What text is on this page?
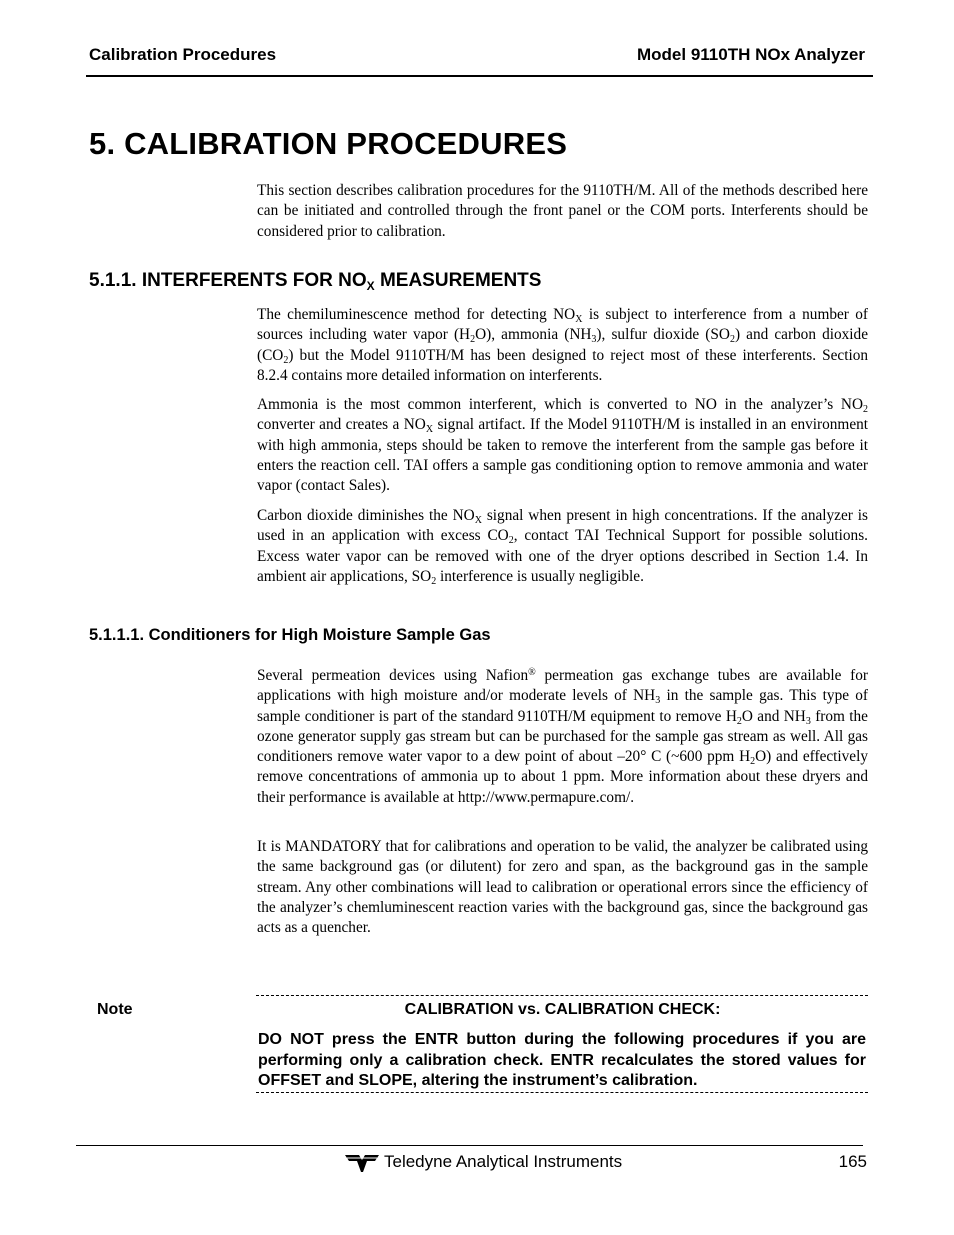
Calibration Procedures	Model 9110TH NOx Analyzer
5. CALIBRATION PROCEDURES

This section describes calibration procedures for the 9110TH/M. All of the methods described here can be initiated and controlled through the front panel or the COM ports. Interferents should be considered prior to calibration.

5.1.1. INTERFERENTS FOR $NO_X$ MEASUREMENTS

The chemiluminescence method for detecting $NO_X$ is subject to interference from a number of sources including water vapor $(H_2O)$, ammonia $(NH_3)$, sulfur dioxide $(SO_2)$ and carbon dioxide $(CO_2)$ but the Model 9110TH/M has been designed to reject most of these interferents. Section 8.2.4 contains more detailed information on interferents.

Ammonia is the most common interferent, which is converted to NO in the analyzer’s $NO_2$ converter and creates a $NO_X$ signal artifact. If the Model 9110TH/M is installed in an environment with high ammonia, steps should be taken to remove the interferent from the sample gas before it enters the reaction cell. TAI offers a sample gas conditioning option to remove ammonia and water vapor (contact Sales).

Carbon dioxide diminishes the $NO_X$ signal when present in high concentrations. If the analyzer is used in an application with excess $CO_2$, contact TAI Technical Support for possible solutions. Excess water vapor can be removed with one of the dryer options described in Section 1.4. In ambient air applications, $SO_2$ interference is usually negligible.

5.1.1.1. Conditioners for High Moisture Sample Gas

Several permeation devices using Nafion® permeation gas exchange tubes are available for applications with high moisture and/or moderate levels of $NH_3$ in the sample gas. This type of sample conditioner is part of the standard 9110TH/M equipment to remove $H_2O$ and $NH_3$ from the ozone generator supply gas stream but can be purchased for the sample gas stream as well. All gas conditioners remove water vapor to a dew point of about –20° C (~600 ppm $H_2O$) and effectively remove concentrations of ammonia up to about 1 ppm. More information about these dryers and their performance is available at http://www.permapure.com/.

It is MANDATORY that for calibrations and operation to be valid, the analyzer be calibrated using the same background gas (or dilutent) for zero and span, as the background gas in the sample stream. Any other combinations will lead to calibration or operational errors since the efficiency of the analyzer’s chemluminescent reaction varies with the background gas, since the background gas acts as a quencher.

Note	CALIBRATION vs. CALIBRATION CHECK:

DO NOT press the ENTR button during the following procedures if you are performing only a calibration check. ENTR recalculates the stored values for OFFSET and SLOPE, altering the instrument’s calibration.

Teledyne Analytical Instruments	165
